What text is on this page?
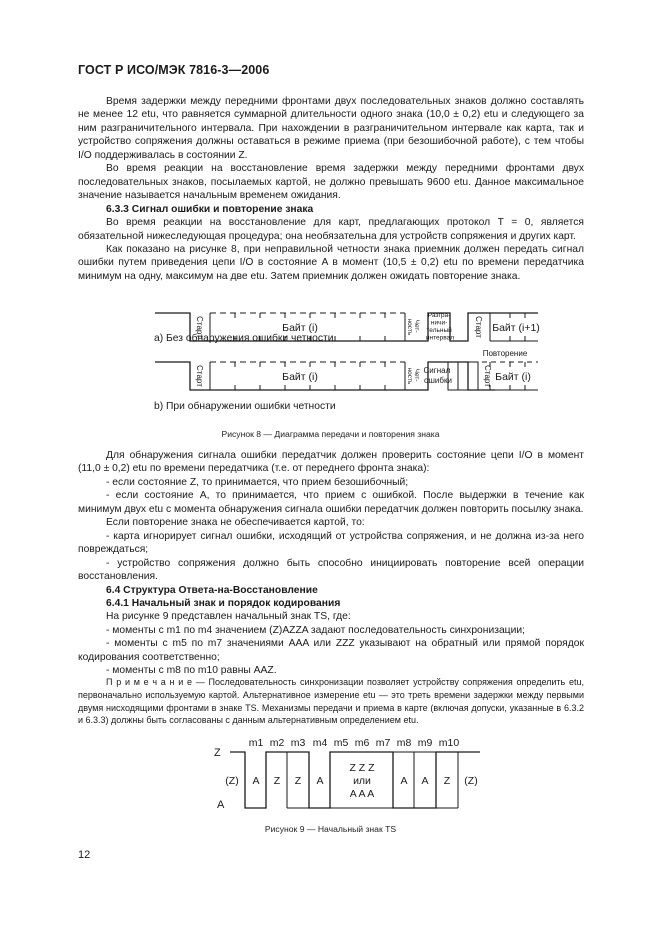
ГОСТ Р ИСО/МЭК 7816-3—2006

Время задержки между передними фронтами двух последовательных знаков должно составлять не менее 12 etu, что равняется суммарной длительности одного знака (10,0 ± 0,2) etu и следующего за ним разграничительного интервала. При нахождении в разграничительном интервале как карта, так и устройство сопряжения должны оставаться в режиме приема (при безошибочной работе), с тем чтобы I/O поддерживалась в состоянии Z.

Во время реакции на восстановление время задержки между передними фронтами двух последовательных знаков, посылаемых картой, не должно превышать 9600 etu. Данное максимальное значение называется начальным временем ожидания.

6.3.3 Сигнал ошибки и повторение знака

Во время реакции на восстановление для карт, предлагающих протокол T = 0, является обязательной нижеследующая процедура; она необязательна для устройств сопряжения и других карт.

Как показано на рисунке 8, при неправильной четности знака приемник должен передать сигнал ошибки путем приведения цепи I/O в состояние A в момент (10,5 ± 0,2) etu по времени передатчика минимум на одну, максимум на две etu. Затем приемник должен ожидать повторение знака.

Старт	Байт (i)	Чет- ность
Разгра- ничи- тельный интервал
Старт Байт (i+1)
Старт	Байт (i)	Чет- ность	Сигнал ошибки	Старт
Повторение
Байт (i)
a) Без обнаружения ошибки четности
b) При обнаружении ошибки четности
Рисунок 8 — Диаграмма передачи и повторения знака

Для обнаружения сигнала ошибки передатчик должен проверить состояние цепи I/O в момент (11,0 ± 0,2) etu по времени передатчика (т.е. от переднего фронта знака):

- если состояние Z, то принимается, что прием безошибочный;

- если состояние A, то принимается, что прием с ошибкой. После выдержки в течение как минимум двух etu с момента обнаружения сигнала ошибки передатчик должен повторить посылку знака.

Если повторение знака не обеспечивается картой, то:

- карта игнорирует сигнал ошибки, исходящий от устройства сопряжения, и не должна из-за него повреждаться;

- устройство сопряжения должно быть способно инициировать повторение всей операции восстановления.

6.4 Структура Ответа-на-Восстановление

6.4.1 Начальный знак и порядок кодирования

На рисунке 9 представлен начальный знак TS, где:

- моменты с m1 по m4 значением (Z)AZZA задают последовательность синхронизации;

- моменты с m5 по m7 значениями AAA или ZZZ указывают на обратный или прямой порядок кодирования соответственно;

- моменты с m8 по m10 равны AAZ.

П р и м е ч а н и е — Последовательность синхронизации позволяет устройству сопряжения определить etu, первоначально используемую картой. Альтернативное измерение etu — это треть времени задержки между первыми двумя нисходящими фронтами в знаке TS. Механизмы передачи и приема в карте (включая допуски, указанные в 6.3.2 и 6.3.3) должны быть согласованы с данным альтернативным определением etu.

Z
A
m1 m2 m3 m4 m5 m6 m7 m8 m9 m10
(Z) A Z Z A
Z Z Z
или
A A A
A A Z (Z)
Рисунок 9 — Начальный знак TS
12
